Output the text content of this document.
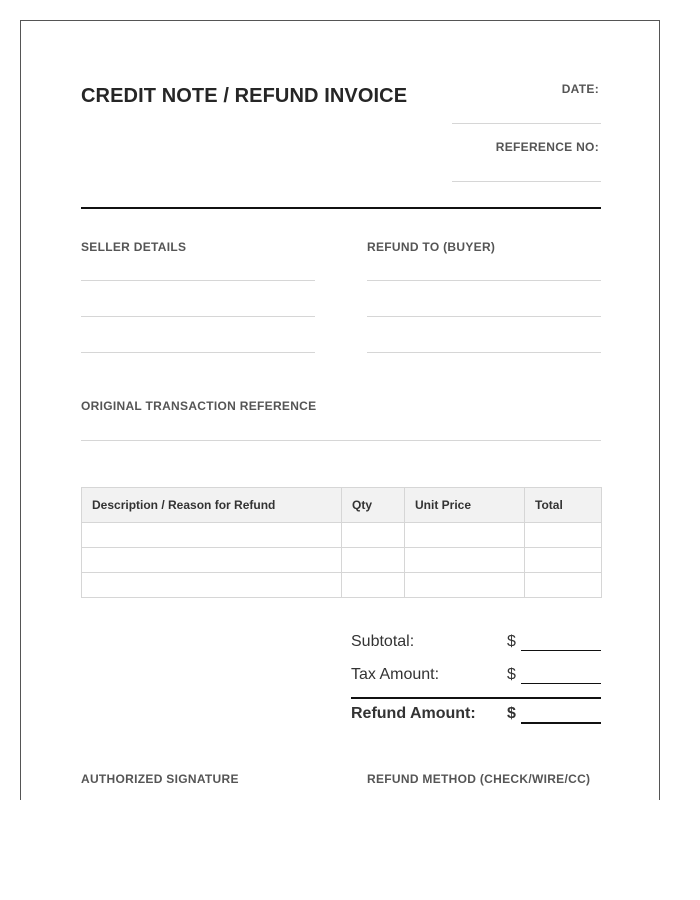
CREDIT NOTE / REFUND INVOICE	DATE:
REFERENCE NO:
SELLER DETAILS	REFUND TO (BUYER)
ORIGINAL TRANSACTION REFERENCE
Description / Reason for Refund	Qty	Unit Price	Total

Subtotal:	$
Tax Amount:	$
Refund Amount: $
AUTHORIZED SIGNATURE	REFUND METHOD (CHECK/WIRE/CC)
